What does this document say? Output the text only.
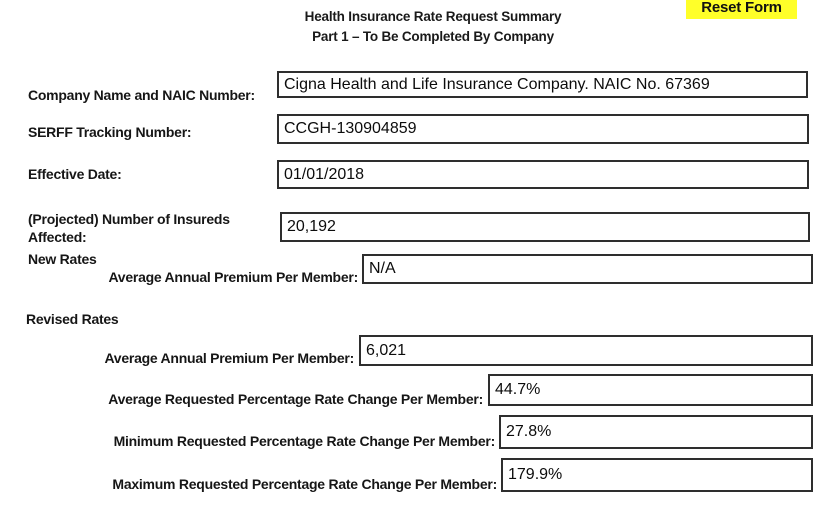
Health Insurance Rate Request Summary
Part 1 – To Be Completed By Company
Reset Form
Company Name and NAIC Number:
Cigna Health and Life Insurance Company. NAIC No. 67369
SERFF Tracking Number:
CCGH-130904859
Effective Date:
01/01/2018
(Projected) Number of Insureds Affected:
20,192
New Rates
Average Annual Premium Per Member:
N/A
Revised Rates
Average Annual Premium Per Member:
6,021
Average Requested Percentage Rate Change Per Member:
44.7%
Minimum Requested Percentage Rate Change Per Member:
27.8%
Maximum Requested Percentage Rate Change Per Member:
179.9%
